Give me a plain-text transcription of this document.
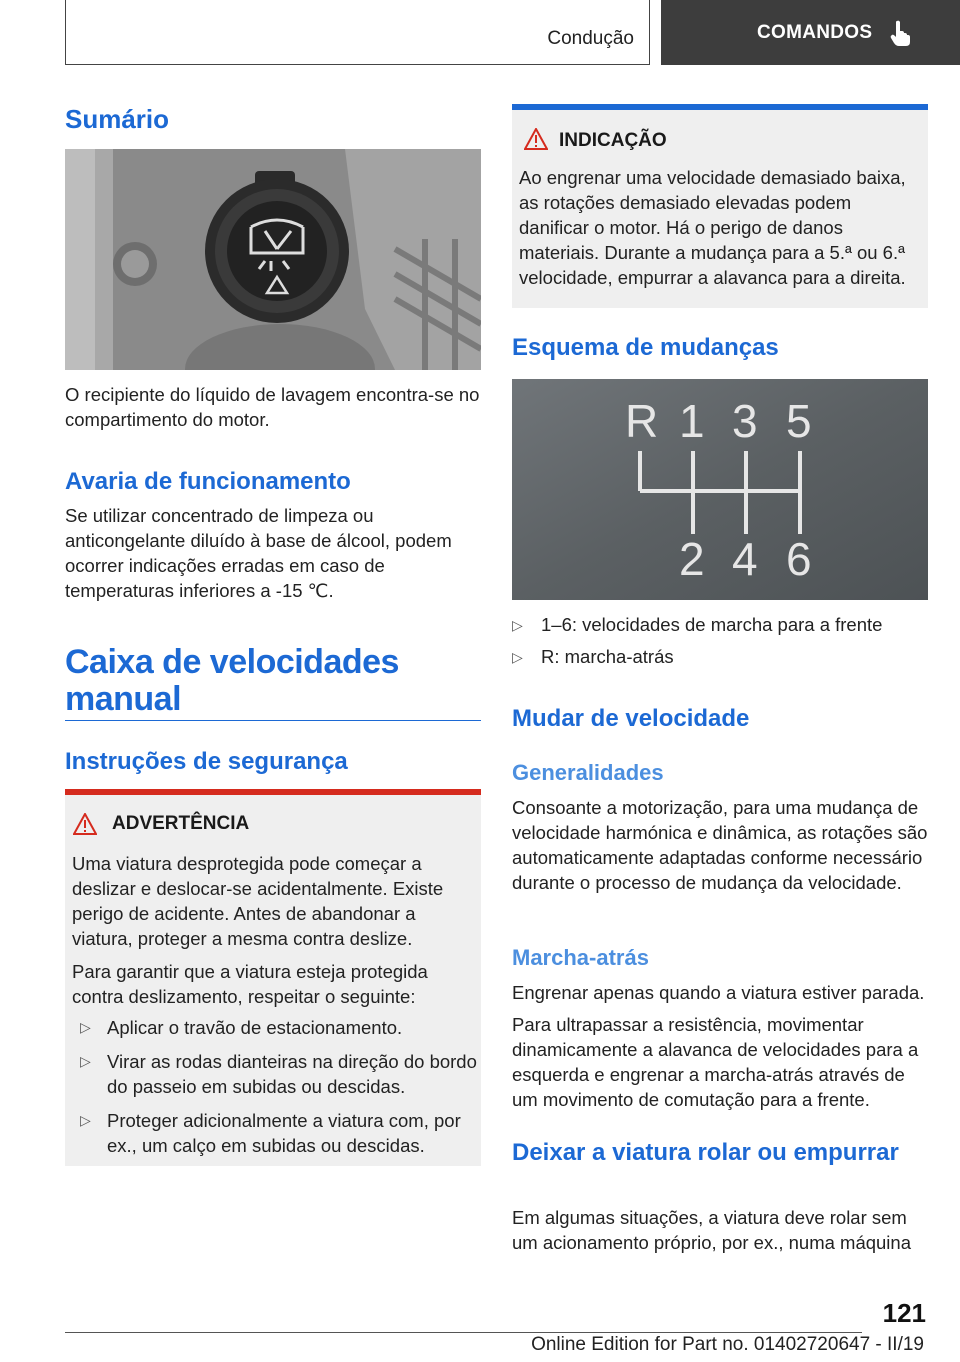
Condução	COMANDOS
Sumário

O recipiente do líquido de lavagem encontra-se no compartimento do motor.

Avaria de funcionamento

Se utilizar concentrado de limpeza ou anticongelante diluído à base de álcool, podem ocorrer indicações erradas em caso de temperaturas inferiores a -15 ℃.

Caixa de velocidades manual
Instruções de segurança
ADVERTÊNCIA
Uma viatura desprotegida pode começar a deslizar e deslocar-se acidentalmente. Existe perigo de acidente. Antes de abandonar a viatura, proteger a mesma contra deslize.
Para garantir que a viatura esteja protegida contra deslizamento, respeitar o seguinte:
▷ Aplicar o travão de estacionamento.
▷ Virar as rodas dianteiras na direção do bordo do passeio em subidas ou descidas.
▷ Proteger adicionalmente a viatura com, por ex., um calço em subidas ou descidas.
INDICAÇÃO
Ao engrenar uma velocidade demasiado baixa, as rotações demasiado elevadas podem danificar o motor. Há o perigo de danos materiais. Durante a mudança para a 5.ª ou 6.ª velocidade, empurrar a alavanca para a direita.
Esquema de mudanças
R 1 3 5
2 4 6
▷ 1–6: velocidades de marcha para a frente
▷ R: marcha-atrás
Mudar de velocidade
Generalidades

Consoante a motorização, para uma mudança de velocidade harmónica e dinâmica, as rotações são automaticamente adaptadas conforme necessário durante o processo de mudança da velocidade.

Marcha-atrás

Engrenar apenas quando a viatura estiver parada.

Para ultrapassar a resistência, movimentar dinamicamente a alavanca de velocidades para a esquerda e engrenar a marcha-atrás através de um movimento de comutação para a frente.

Deixar a viatura rolar ou empurrar

Em algumas situações, a viatura deve rolar sem um acionamento próprio, por ex., numa máquina

121
Online Edition for Part no. 01402720647 - II/19
